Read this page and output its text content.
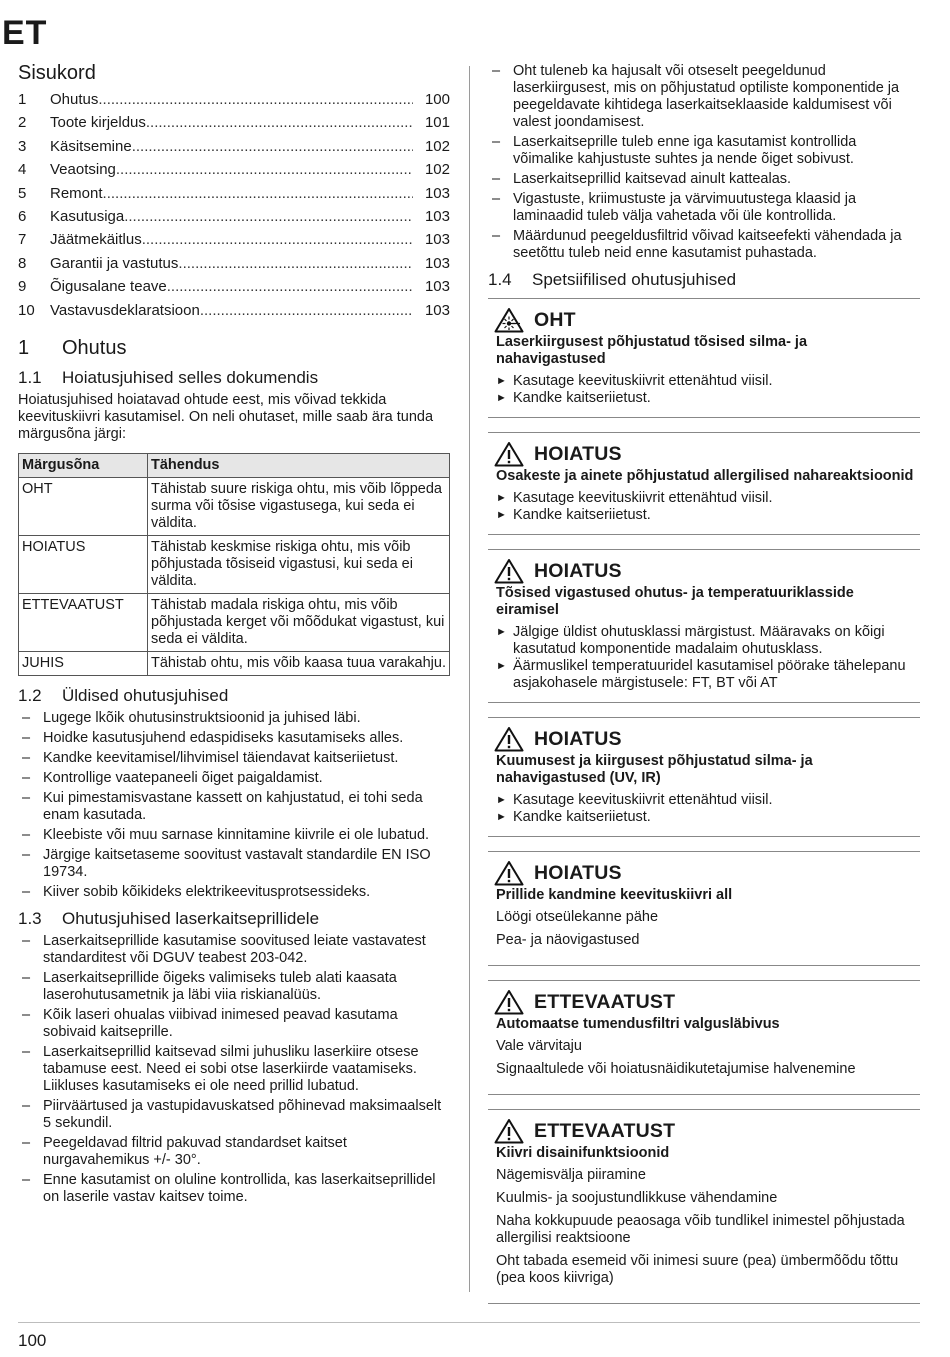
ET
Sisukord
1	Ohutus .....	100
2	Toote kirjeldus .....	101
3	Käsitsemine .....	102
4	Veaotsing .....	102
5	Remont .....	103
6	Kasutusiga .....	103
7	Jäätmekäitlus .....	103
8	Garantii ja vastutus .....	103
9	Õigusalane teave .....	103
10	Vastavusdeklaratsioon .....	103
1	Ohutus
1.1	Hoiatusjuhised selles dokumendis

Hoiatusjuhised hoiatavad ohtude eest, mis võivad tekkida keevituskiivri kasutamisel. On neli ohutaset, mille saab ära tunda märgusõna järgi:

Märgusõna	Tähendus
OHT	Tähistab suure riskiga ohtu, mis võib lõppeda surma või tõsise vigastusega, kui seda ei väldita.
HOIATUS	Tähistab keskmise riskiga ohtu, mis võib põhjustada tõsiseid vigastusi, kui seda ei väldita.
ETTEVAATUST	Tähistab madala riskiga ohtu, mis võib põhjustada kerget või mõõdukat vigastust, kui seda ei väldita.
JUHIS	Tähistab ohtu, mis võib kaasa tuua varakahju.
1.2	Üldised ohutusjuhised
– Lugege lkõik ohutusinstruktsioonid ja juhised läbi.
– Hoidke kasutusjuhend edaspidiseks kasutamiseks alles.
– Kandke keevitamisel/lihvimisel täiendavat kaitseriietust.
– Kontrollige vaatepaneeli õiget paigaldamist.
– Kui pimestamisvastane kassett on kahjustatud, ei tohi seda enam kasutada.
– Kleebiste või muu sarnase kinnitamine kiivrile ei ole lubatud.
– Järgige kaitsetaseme soovitust vastavalt standardile EN ISO 19734.
– Kiiver sobib kõikideks elektrikeevitusprotsessideks.
1.3	Ohutusjuhised laserkaitseprillidele
– Laserkaitseprillide kasutamise soovitused leiate vastavatest standarditest või DGUV teabest 203-042.
– Laserkaitseprillide õigeks valimiseks tuleb alati kaasata laserohutusametnik ja läbi viia riskianalüüs.
– Kõik laseri ohualas viibivad inimesed peavad kasutama sobivaid kaitseprille.
– Laserkaitseprillid kaitsevad silmi juhusliku laserkiire otsese tabamuse eest. Need ei sobi otse laserkiirde vaatamiseks. Liikluses kasutamiseks ei ole need prillid lubatud.
– Piirväärtused ja vastupidavuskatsed põhinevad maksimaalselt 5 sekundil.
– Peegeldavad filtrid pakuvad standardset kaitset nurgavahemikus +/- 30°.
– Enne kasutamist on oluline kontrollida, kas laserkaitseprillidel on laserile vastav kaitsev toime.
– Oht tuleneb ka hajusalt või otseselt peegeldunud laserkiirgusest, mis on põhjustatud optiliste komponentide ja peegeldavate kihtidega laserkaitseklaaside kaldumisest või valest joondamisest.
– Laserkaitseprille tuleb enne iga kasutamist kontrollida võimalike kahjustuste suhtes ja nende õiget sobivust.
– Laserkaitseprillid kaitsevad ainult kattealas.
– Vigastuste, kriimustuste ja värvimuutustega klaasid ja laminaadid tuleb välja vahetada või üle kontrollida.
– Määrdunud peegeldusfiltrid võivad kaitseefekti vähendada ja seetõttu tuleb neid enne kasutamist puhastada.
1.4	Spetsiifilised ohutusjuhised
OHT
Laserkiirgusest põhjustatud tõsised silma- ja nahavigastused
► Kasutage keevituskiivrit ettenähtud viisil.
► Kandke kaitseriietust.
HOIATUS
Osakeste ja ainete põhjustatud allergilised nahareaktsioonid
► Kasutage keevituskiivrit ettenähtud viisil.
► Kandke kaitseriietust.
HOIATUS
Tõsised vigastused ohutus- ja temperatuuriklasside eiramisel
► Jälgige üldist ohutusklassi märgistust. Määravaks on kõigi kasutatud komponentide madalaim ohutusklass.
► Äärmuslikel temperatuuridel kasutamisel pöörake tähelepanu asjakohasele märgistusele: FT, BT või AT
HOIATUS
Kuumusest ja kiirgusest põhjustatud silma- ja nahavigastused (UV, IR)
► Kasutage keevituskiivrit ettenähtud viisil.
► Kandke kaitseriietust.
HOIATUS
Prillide kandmine keevituskiivri all
Löögi otseülekanne pähe
Pea- ja näovigastused
ETTEVAATUST
Automaatse tumendusfiltri valgusläbivus
Vale värvitaju
Signaaltulede või hoiatusnäidikutetajumise halvenemine
ETTEVAATUST
Kiivri disainifunktsioonid
Nägemisvälja piiramine
Kuulmis- ja soojustundlikkuse vähendamine
Naha kokkupuude peaosaga võib tundlikel inimestel põhjustada allergilisi reaktsioone
Oht tabada esemeid või inimesi suure (pea) ümbermõõdu tõttu (pea koos kiivriga)
100
